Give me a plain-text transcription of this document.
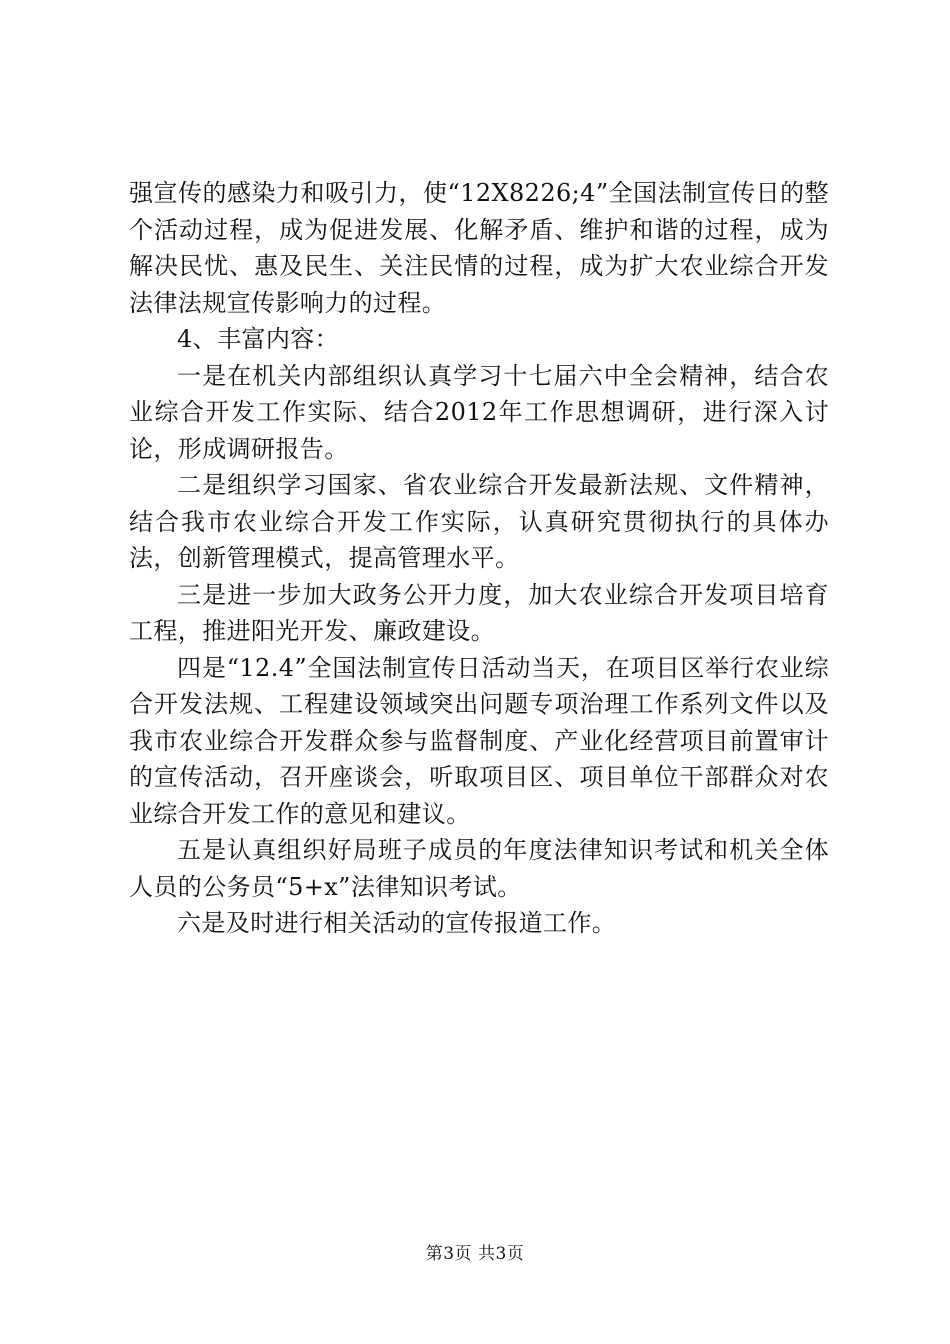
强宣传的感染力和吸引力，使“12X8226;4”全国法制宣传日的整个活动过程，成为促进发展、化解矛盾、维护和谐的过程，成为解决民忧、惠及民生、关注民情的过程，成为扩大农业综合开发法律法规宣传影响力的过程。

4、丰富内容：

一是在机关内部组织认真学习十七届六中全会精神，结合农业综合开发工作实际、结合2012年工作思想调研，进行深入讨论，形成调研报告。

二是组织学习国家、省农业综合开发最新法规、文件精神，结合我市农业综合开发工作实际，认真研究贯彻执行的具体办法，创新管理模式，提高管理水平。

三是进一步加大政务公开力度，加大农业综合开发项目培育工程，推进阳光开发、廉政建设。

四是“12.4”全国法制宣传日活动当天，在项目区举行农业综合开发法规、工程建设领域突出问题专项治理工作系列文件以及我市农业综合开发群众参与监督制度、产业化经营项目前置审计的宣传活动，召开座谈会，听取项目区、项目单位干部群众对农业综合开发工作的意见和建议。

五是认真组织好局班子成员的年度法律知识考试和机关全体人员的公务员“5+x”法律知识考试。

六是及时进行相关活动的宣传报道工作。

第3页 共3页
